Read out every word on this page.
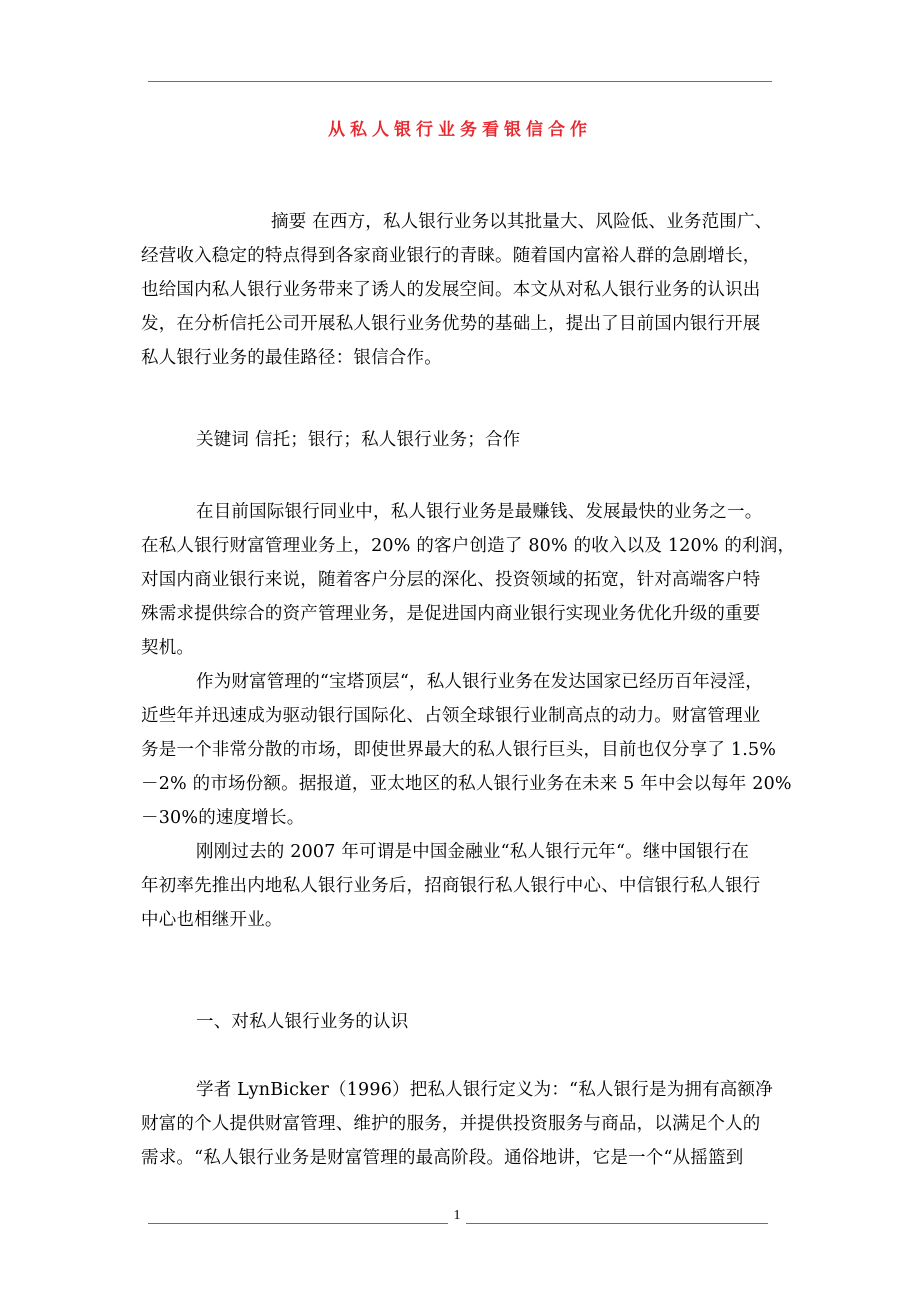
从私人银行业务看银信合作
摘要 在西方，私人银行业务以其批量大、风险低、业务范围广、
经营收入稳定的特点得到各家商业银行的青睐。随着国内富裕人群的急剧增长，
也给国内私人银行业务带来了诱人的发展空间。本文从对私人银行业务的认识出
发，在分析信托公司开展私人银行业务优势的基础上，提出了目前国内银行开展
私人银行业务的最佳路径：银信合作。
关键词 信托；银行；私人银行业务；合作
在目前国际银行同业中，私人银行业务是最赚钱、发展最快的业务之一。
在私人银行财富管理业务上，20% 的客户创造了 80% 的收入以及 120% 的利润，
对国内商业银行来说，随着客户分层的深化、投资领域的拓宽，针对高端客户特
殊需求提供综合的资产管理业务，是促进国内商业银行实现业务优化升级的重要
契机。
作为财富管理的“宝塔顶层“，私人银行业务在发达国家已经历百年浸淫，
近些年并迅速成为驱动银行国际化、占领全球银行业制高点的动力。财富管理业
务是一个非常分散的市场，即使世界最大的私人银行巨头，目前也仅分享了 1.5%
－2% 的市场份额。据报道，亚太地区的私人银行业务在未来 5 年中会以每年 20%
－30%的速度增长。
刚刚过去的 2007 年可谓是中国金融业“私人银行元年“。继中国银行在
年初率先推出内地私人银行业务后，招商银行私人银行中心、中信银行私人银行
中心也相继开业。
一、对私人银行业务的认识
学者 LynBicker（1996）把私人银行定义为：“私人银行是为拥有高额净
财富的个人提供财富管理、维护的服务，并提供投资服务与商品，以满足个人的
需求。“私人银行业务是财富管理的最高阶段。通俗地讲，它是一个“从摇篮到
1
